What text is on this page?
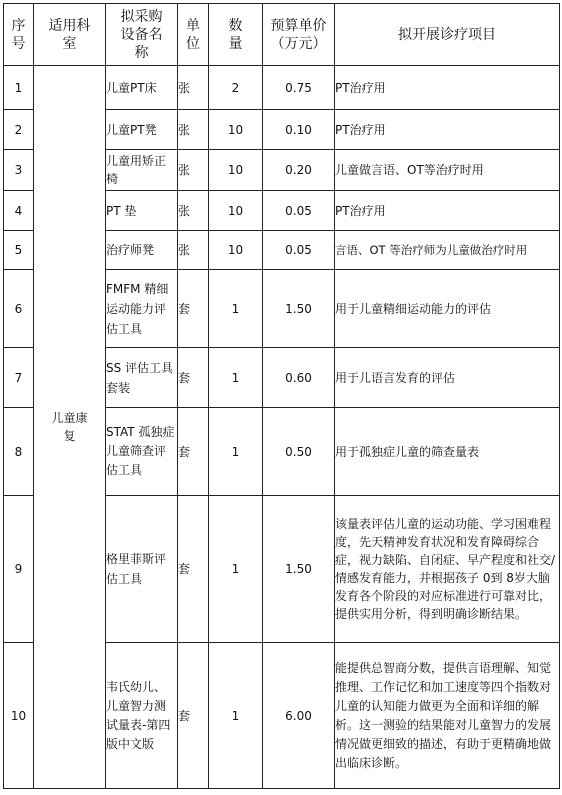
序号	适用科室	拟采购设备名称	单位	数量	预算单价（万元）	拟开展诊疗项目
1	儿童康复	儿童PT床	张	2	0.75	PT治疗用
2		儿童PT凳	张	10	0.10	PT治疗用
3		儿童用矫正椅	张	10	0.20	儿童做言语、OT等治疗时用
4		PT 垫	张	10	0.05	PT治疗用
5		治疗师凳	张	10	0.05	言语、OT 等治疗师为儿童做治疗时用
6		FMFM 精细运动能力评估工具	套	1	1.50	用于儿童精细运动能力的评估
7		SS 评估工具套装	套	1	0.60	用于儿语言发育的评估
8		STAT 孤独症儿童筛查评估工具	套	1	0.50	用于孤独症儿童的筛查量表
9		格里菲斯评估工具	套	1	1.50	该量表评估儿童的运动功能、学习困难程度，先天精神发育状况和发育障碍综合症，视力缺陷、自闭症、早产程度和社交/情感发育能力，并根据孩子 0到 8岁大脑发育各个阶段的对应标准进行可靠对比，提供实用分析，得到明确诊断结果。
10		韦氏幼儿、儿童智力测试量表-第四版中文版	套	1	6.00	能提供总智商分数，提供言语理解、知觉推理、工作记忆和加工速度等四个指数对儿童的认知能力做更为全面和详细的解析。这一测验的结果能对儿童智力的发展情况做更细致的描述，有助于更精确地做出临床诊断。
